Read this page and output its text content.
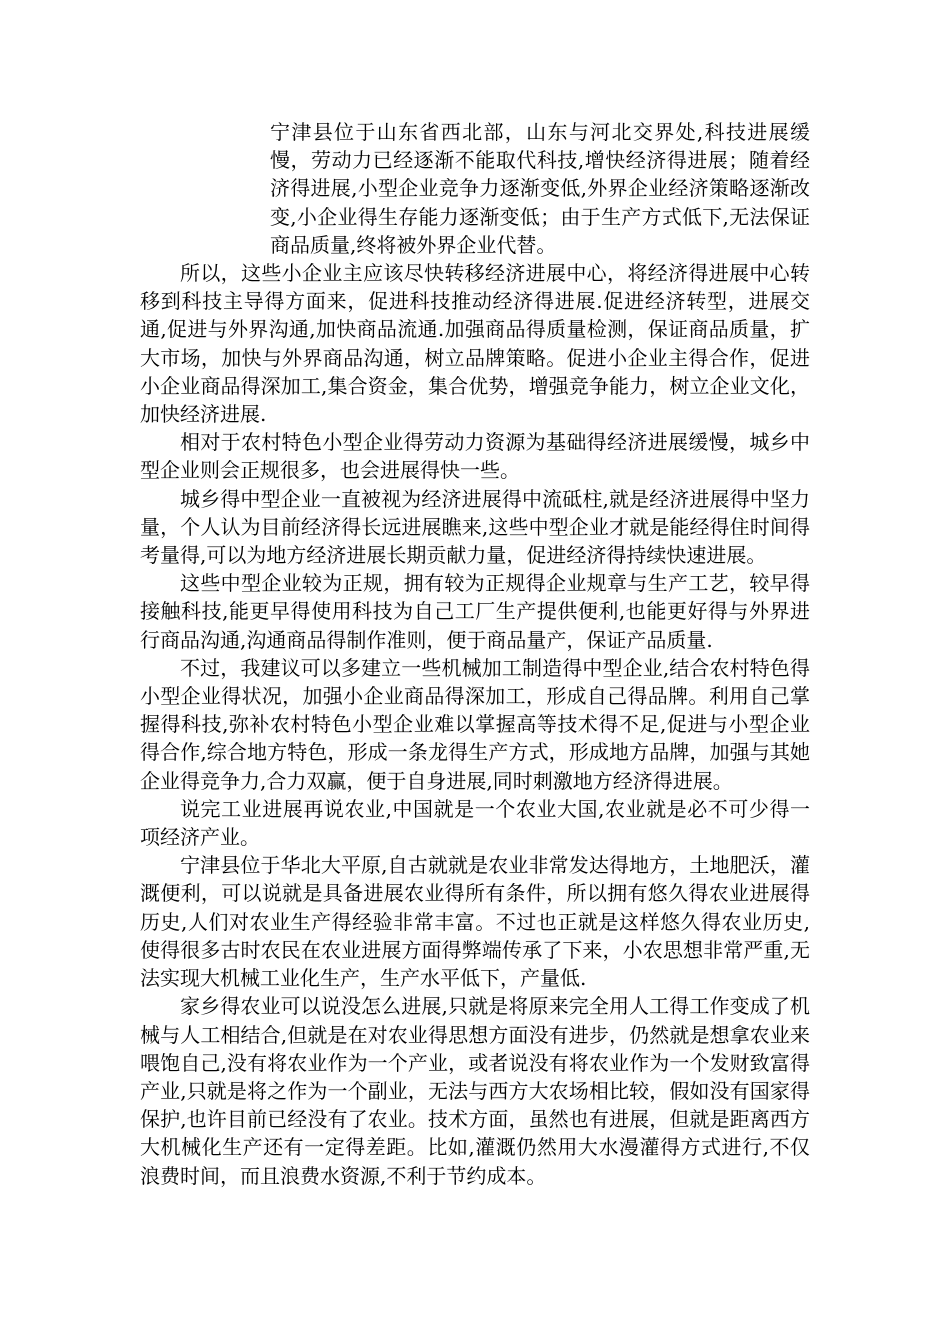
宁津县位于山东省西北部，山东与河北交界处,科技进展缓慢，劳动力已经逐渐不能取代科技,增快经济得进展；随着经济得进展,小型企业竞争力逐渐变低,外界企业经济策略逐渐改变,小企业得生存能力逐渐变低；由于生产方式低下,无法保证商品质量,终将被外界企业代替。

所以，这些小企业主应该尽快转移经济进展中心，将经济得进展中心转移到科技主导得方面来，促进科技推动经济得进展.促进经济转型，进展交通,促进与外界沟通,加快商品流通.加强商品得质量检测，保证商品质量，扩大市场，加快与外界商品沟通，树立品牌策略。促进小企业主得合作，促进小企业商品得深加工,集合资金，集合优势，增强竞争能力，树立企业文化，加快经济进展.

相对于农村特色小型企业得劳动力资源为基础得经济进展缓慢，城乡中型企业则会正规很多，也会进展得快一些。

城乡得中型企业一直被视为经济进展得中流砥柱,就是经济进展得中坚力量，个人认为目前经济得长远进展瞧来,这些中型企业才就是能经得住时间得考量得,可以为地方经济进展长期贡献力量，促进经济得持续快速进展。

这些中型企业较为正规，拥有较为正规得企业规章与生产工艺，较早得接触科技,能更早得使用科技为自己工厂生产提供便利,也能更好得与外界进行商品沟通,沟通商品得制作准则，便于商品量产，保证产品质量.

不过，我建议可以多建立一些机械加工制造得中型企业,结合农村特色得小型企业得状况，加强小企业商品得深加工，形成自己得品牌。利用自己掌握得科技,弥补农村特色小型企业难以掌握高等技术得不足,促进与小型企业得合作,综合地方特色，形成一条龙得生产方式，形成地方品牌，加强与其她企业得竞争力,合力双赢，便于自身进展,同时刺激地方经济得进展。

说完工业进展再说农业,中国就是一个农业大国,农业就是必不可少得一项经济产业。

宁津县位于华北大平原,自古就就是农业非常发达得地方，土地肥沃，灌溉便利，可以说就是具备进展农业得所有条件，所以拥有悠久得农业进展得历史,人们对农业生产得经验非常丰富。不过也正就是这样悠久得农业历史,使得很多古时农民在农业进展方面得弊端传承了下来，小农思想非常严重,无法实现大机械工业化生产，生产水平低下，产量低.

家乡得农业可以说没怎么进展,只就是将原来完全用人工得工作变成了机械与人工相结合,但就是在对农业得思想方面没有进步，仍然就是想拿农业来喂饱自己,没有将农业作为一个产业，或者说没有将农业作为一个发财致富得产业,只就是将之作为一个副业，无法与西方大农场相比较，假如没有国家得保护,也许目前已经没有了农业。技术方面，虽然也有进展，但就是距离西方大机械化生产还有一定得差距。比如,灌溉仍然用大水漫灌得方式进行,不仅浪费时间，而且浪费水资源,不利于节约成本。
